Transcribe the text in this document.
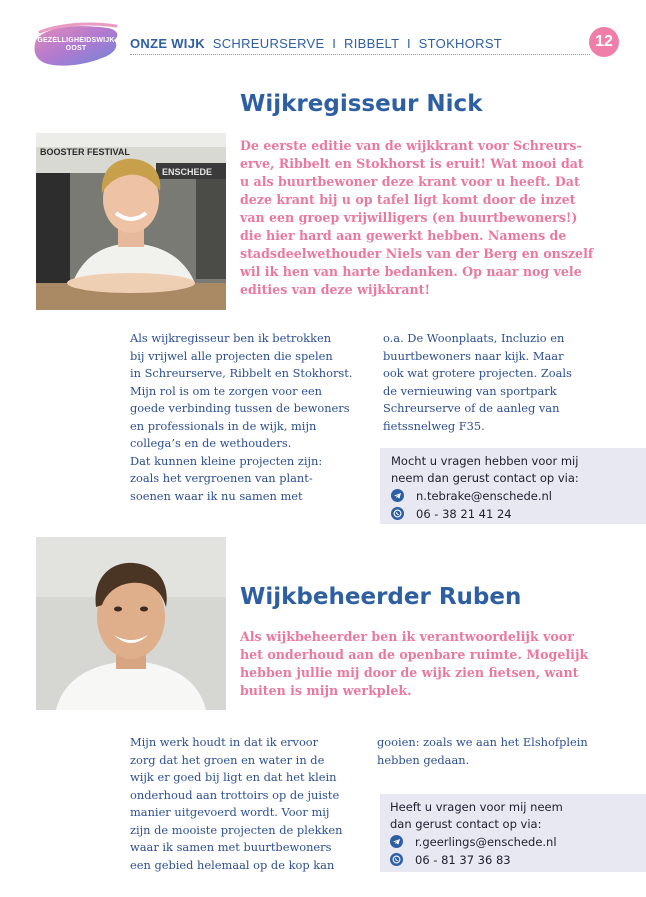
GEZELLIGHEIDSWIJK
OOST	ONZE WIJK SCHREURSERVE  I  RIBBELT  I  STOKHORST	12
Wijkregisseur Nick
BOOSTER FESTIVAL
ENSCHEDE
De eerste editie van de wijkkrant voor Schreurs-
erve, Ribbelt en Stokhorst is eruit! Wat mooi dat
u als buurtbewoner deze krant voor u heeft. Dat
deze krant bij u op tafel ligt komt door de inzet
van een groep vrijwilligers (en buurtbewoners!)
die hier hard aan gewerkt hebben. Namens de
stadsdeelwethouder Niels van der Berg en onszelf
wil ik hen van harte bedanken. Op naar nog vele
edities van deze wijkkrant!
Als wijkregisseur ben ik betrokken
bij vrijwel alle projecten die spelen
in Schreurserve, Ribbelt en Stokhorst.
Mijn rol is om te zorgen voor een
goede verbinding tussen de bewoners
en professionals in de wijk, mijn
collega’s en de wethouders.
Dat kunnen kleine projecten zijn:
zoals het vergroenen van plant-
soenen waar ik nu samen met
o.a. De Woonplaats, Incluzio en
buurtbewoners naar kijk. Maar
ook wat grotere projecten. Zoals
de vernieuwing van sportpark
Schreurserve of de aanleg van
fietssnelweg F35.
Mocht u vragen hebben voor mij
neem dan gerust contact op via:
n.tebrake@enschede.nl
06 - 38 21 41 24
Wijkbeheerder Ruben
Als wijkbeheerder ben ik verantwoordelijk voor
het onderhoud aan de openbare ruimte. Mogelijk
hebben jullie mij door de wijk zien fietsen, want
buiten is mijn werkplek.
Mijn werk houdt in dat ik ervoor
zorg dat het groen en water in de
wijk er goed bij ligt en dat het klein
onderhoud aan trottoirs op de juiste
manier uitgevoerd wordt. Voor mij
zijn de mooiste projecten de plekken
waar ik samen met buurtbewoners
een gebied helemaal op de kop kan
gooien: zoals we aan het Elshofplein
hebben gedaan.
Heeft u vragen voor mij neem
dan gerust contact op via:
r.geerlings@enschede.nl
06 - 81 37 36 83
